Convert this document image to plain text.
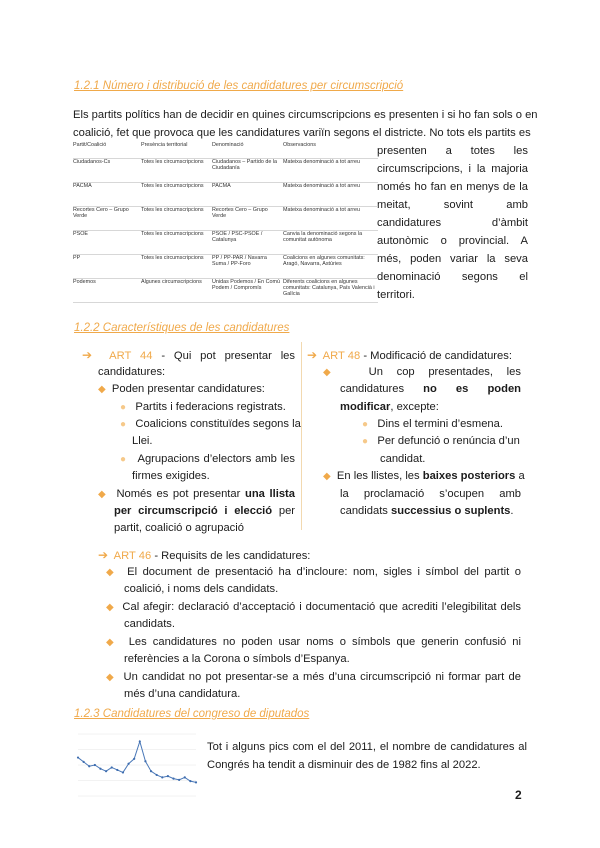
1.2.1 Número i distribució de les candidatures per circumscripció
Els partits polítics han de decidir en quines circumscripcions es presenten i si ho fan sols o en
coalició, fet que provoca que les candidatures variïn segons el districte. No tots els partits es
presenten a totes les
circumscripcions, i la majoria
només ho fan en menys de la
meitat, sovint amb
candidatures d’àmbit
autonòmic o provincial. A
més, poden variar la seva
denominació segons el
territori.
Partit/Coalició	Presència territorial	Denominació	Observacions
Ciudadanos-Cs	Totes les circumscripcions	Ciudadanos – Partido de la Ciudadanía	Mateixa denominació a tot arreu
PACMA	Totes les circumscripcions	PACMA	Mateixa denominació a tot arreu
Recortes Cero – Grupo Verde	Totes les circumscripcions	Recortes Cero – Grupo Verde	Mateixa denominació a tot arreu
PSOE	Totes les circumscripcions	PSOE / PSC-PSOE / Catalunya	Canvia la denominació segons la comunitat autònoma
PP	Totes les circumscripcions	PP / PP-PAR / Navarra Suma / PP-Foro	Coalicions en algunes comunitats: Aragó, Navarra, Astúries
Podemos	Algunes circumscripcions	Unidas Podemos / En Comú Podem / Compromís	Diferents coalicions en algunes comunitats: Catalunya, País Valencià i Galícia
1.2.2 Característiques de les candidatures
➔ ART 44 - Qui pot presentar les
candidatures:
◆ Poden presentar candidatures:
● Partits i federacions registrats.
● Coalicions constituïdes segons la
Llei.
● Agrupacions d’electors amb les
firmes exigides.
◆ Només es pot presentar una llista
per circumscripció i elecció per
partit, coalició o agrupació
➔ ART 48 - Modificació de candidatures:
◆ Un cop presentades, les
candidatures no es poden
modificar, excepte:
● Dins el termini d’esmena.
● Per defunció o renúncia d’un
candidat.
◆ En les llistes, les baixes posteriors a
la proclamació s’ocupen amb
candidats successius o suplents.
➔ ART 46 - Requisits de les candidatures:
◆ El document de presentació ha d’incloure: nom, sigles i símbol del partit o
coalició, i noms dels candidats.
◆ Cal afegir: declaració d’acceptació i documentació que acrediti l’elegibilitat dels
candidats.
◆ Les candidatures no poden usar noms o símbols que generin confusió ni
referències a la Corona o símbols d’Espanya.
◆ Un candidat no pot presentar-se a més d’una circumscripció ni formar part de
més d’una candidatura.
1.2.3 Candidatures del congreso de diputados
Tot i alguns pics com el del 2011, el nombre de candidatures al
Congrés ha tendit a disminuir des de 1982 fins al 2022.
2
